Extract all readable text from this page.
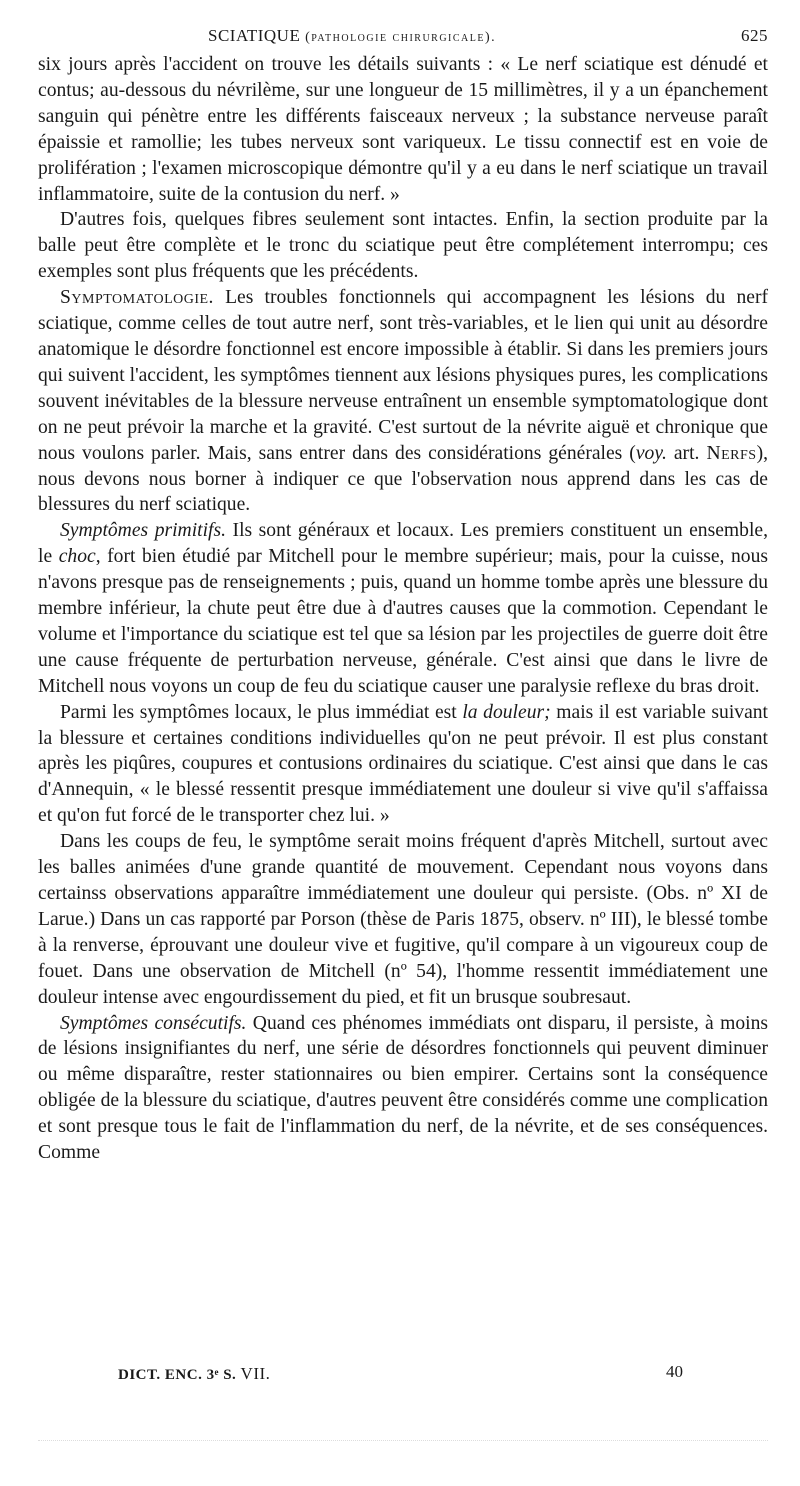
SCIATIQUE (pathologie chirurgicale).	625

six jours après l'accident on trouve les détails suivants : « Le nerf sciatique est dénudé et contus; au-dessous du névrilème, sur une longueur de 15 millimètres, il y a un épanchement sanguin qui pénètre entre les différents faisceaux nerveux ; la substance nerveuse paraît épaissie et ramollie; les tubes nerveux sont variqueux. Le tissu connectif est en voie de prolifération ; l'examen microscopique démontre qu'il y a eu dans le nerf sciatique un travail inflammatoire, suite de la contusion du nerf. »

D'autres fois, quelques fibres seulement sont intactes. Enfin, la section produite par la balle peut être complète et le tronc du sciatique peut être complétement interrompu; ces exemples sont plus fréquents que les précédents.

Symptomatologie. Les troubles fonctionnels qui accompagnent les lésions du nerf sciatique, comme celles de tout autre nerf, sont très-variables, et le lien qui unit au désordre anatomique le désordre fonctionnel est encore impossible à établir. Si dans les premiers jours qui suivent l'accident, les symptômes tiennent aux lésions physiques pures, les complications souvent inévitables de la blessure nerveuse entraînent un ensemble symptomatologique dont on ne peut prévoir la marche et la gravité. C'est surtout de la névrite aiguë et chronique que nous voulons parler. Mais, sans entrer dans des considérations générales (voy. art. Nerfs), nous devons nous borner à indiquer ce que l'observation nous apprend dans les cas de blessures du nerf sciatique.

Symptômes primitifs. Ils sont généraux et locaux. Les premiers constituent un ensemble, le choc, fort bien étudié par Mitchell pour le membre supérieur; mais, pour la cuisse, nous n'avons presque pas de renseignements ; puis, quand un homme tombe après une blessure du membre inférieur, la chute peut être due à d'autres causes que la commotion. Cependant le volume et l'importance du sciatique est tel que sa lésion par les projectiles de guerre doit être une cause fréquente de perturbation nerveuse, générale. C'est ainsi que dans le livre de Mitchell nous voyons un coup de feu du sciatique causer une paralysie reflexe du bras droit.

Parmi les symptômes locaux, le plus immédiat est la douleur; mais il est variable suivant la blessure et certaines conditions individuelles qu'on ne peut prévoir. Il est plus constant après les piqûres, coupures et contusions ordinaires du sciatique. C'est ainsi que dans le cas d'Annequin, « le blessé ressentit presque immédiatement une douleur si vive qu'il s'affaissa et qu'on fut forcé de le transporter chez lui. »

Dans les coups de feu, le symptôme serait moins fréquent d'après Mitchell, surtout avec les balles animées d'une grande quantité de mouvement. Cependant nous voyons dans certainss observations apparaître immédiatement une douleur qui persiste. (Obs. nº XI de Larue.) Dans un cas rapporté par Porson (thèse de Paris 1875, observ. nº III), le blessé tombe à la renverse, éprouvant une douleur vive et fugitive, qu'il compare à un vigoureux coup de fouet. Dans une observation de Mitchell (nº 54), l'homme ressentit immédiatement une douleur intense avec engourdissement du pied, et fit un brusque soubresaut.

Symptômes consécutifs. Quand ces phénomes immédiats ont disparu, il persiste, à moins de lésions insignifiantes du nerf, une série de désordres fonctionnels qui peuvent diminuer ou même disparaître, rester stationnaires ou bien empirer. Certains sont la conséquence obligée de la blessure du sciatique, d'autres peuvent être considérés comme une complication et sont presque tous le fait de l'inflammation du nerf, de la névrite, et de ses conséquences. Comme

DICT. ENC. 3ᵉ S. VII.	40
